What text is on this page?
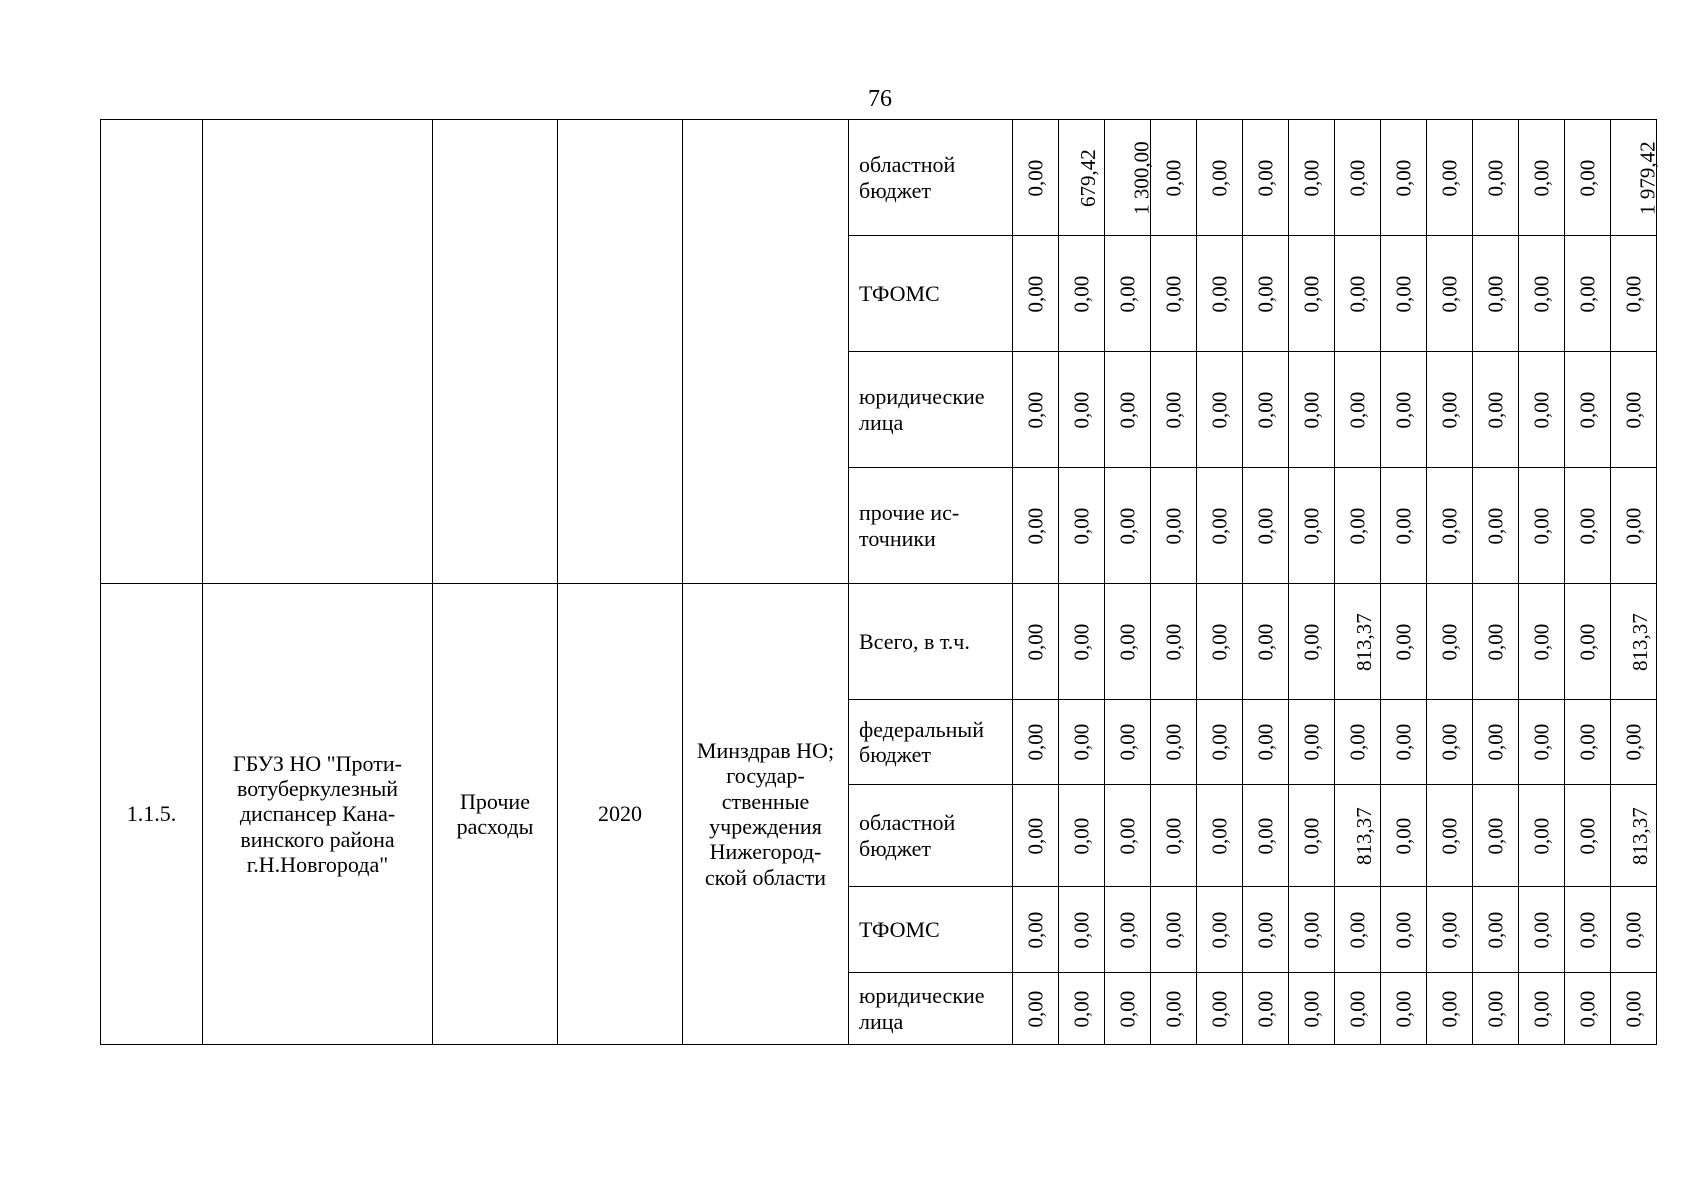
76
					областной бюджет	0,00	679,42	1 300,00	0,00	0,00	0,00	0,00	0,00	0,00	0,00	0,00	0,00	0,00	1 979,42
					ТФОМС	0,00	0,00	0,00	0,00	0,00	0,00	0,00	0,00	0,00	0,00	0,00	0,00	0,00	0,00
					юридические лица	0,00	0,00	0,00	0,00	0,00	0,00	0,00	0,00	0,00	0,00	0,00	0,00	0,00	0,00
					прочие ис-точники	0,00	0,00	0,00	0,00	0,00	0,00	0,00	0,00	0,00	0,00	0,00	0,00	0,00	0,00
1.1.5.	ГБУЗ НО "Проти-вотуберкулезный диспансер Кана-винского района г.Н.Новгорода"	Прочие расходы	2020	Минздрав НО; государ-ственные учреждения Нижегород-ской области	Всего, в т.ч.	0,00	0,00	0,00	0,00	0,00	0,00	0,00	813,37	0,00	0,00	0,00	0,00	0,00	813,37
					федеральный бюджет	0,00	0,00	0,00	0,00	0,00	0,00	0,00	0,00	0,00	0,00	0,00	0,00	0,00	0,00
					областной бюджет	0,00	0,00	0,00	0,00	0,00	0,00	0,00	813,37	0,00	0,00	0,00	0,00	0,00	813,37
					ТФОМС	0,00	0,00	0,00	0,00	0,00	0,00	0,00	0,00	0,00	0,00	0,00	0,00	0,00	0,00
					юридические лица	0,00	0,00	0,00	0,00	0,00	0,00	0,00	0,00	0,00	0,00	0,00	0,00	0,00	0,00
